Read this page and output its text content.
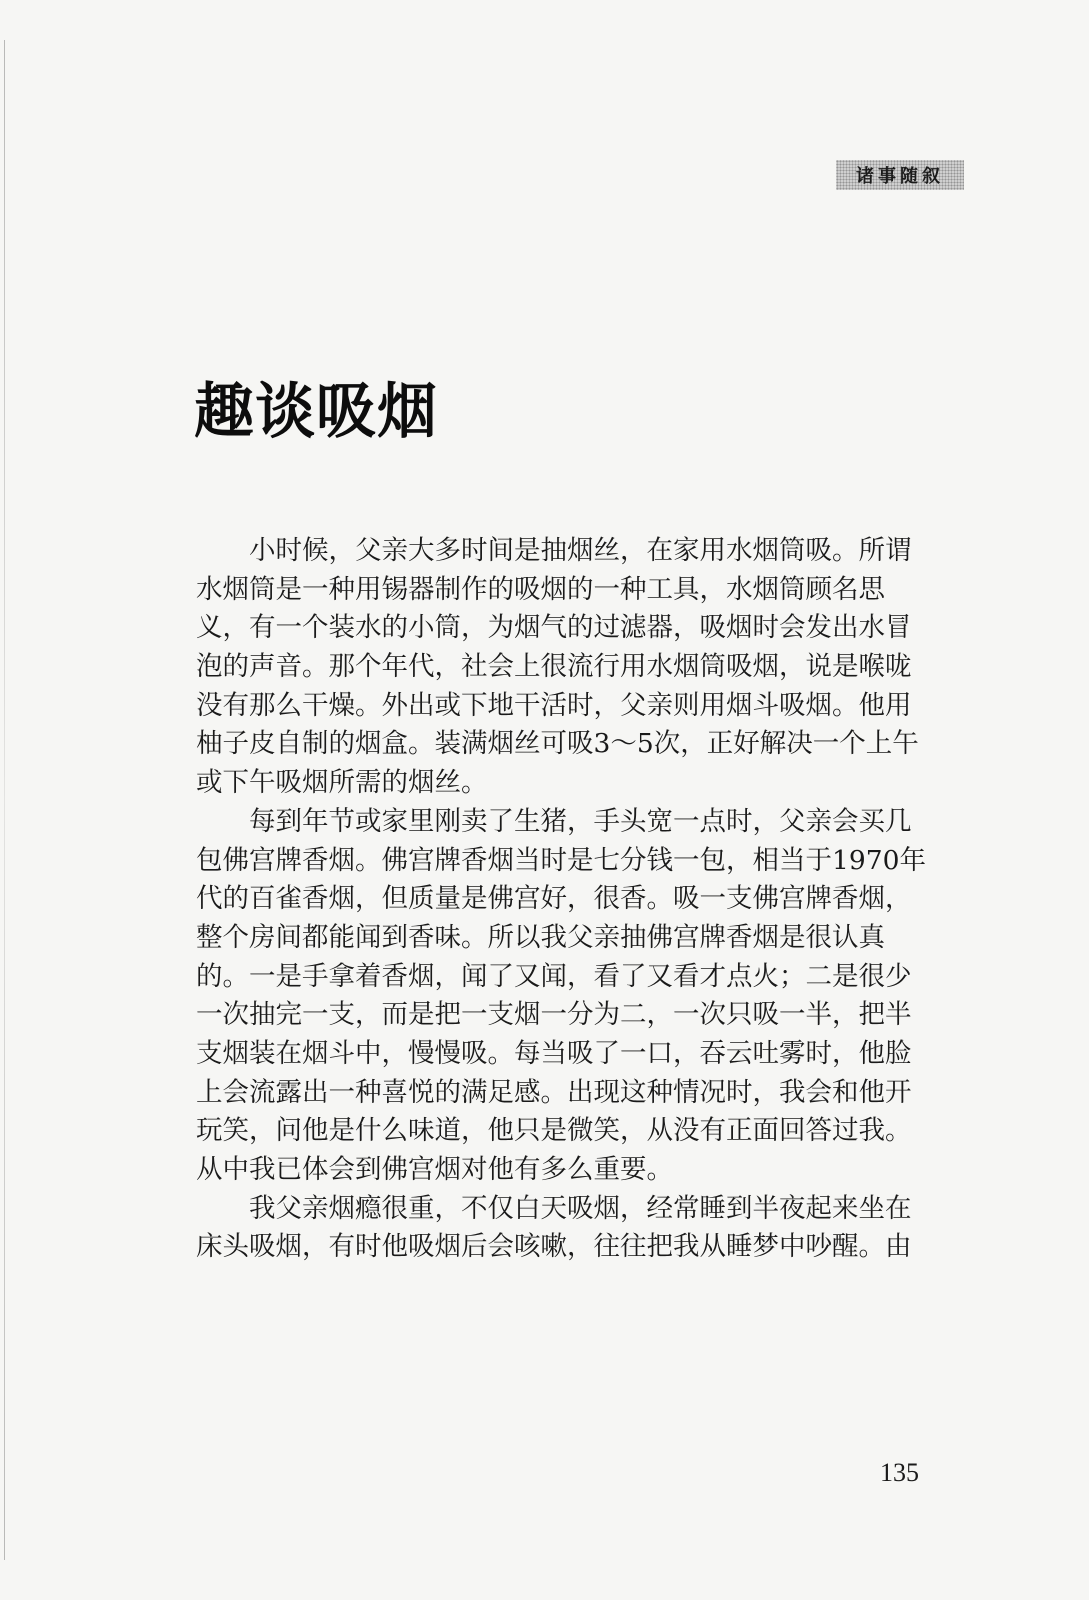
诸事随叙
趣谈吸烟

小时候，父亲大多时间是抽烟丝，在家用水烟筒吸。所谓
水烟筒是一种用锡器制作的吸烟的一种工具，水烟筒顾名思
义，有一个装水的小筒，为烟气的过滤器，吸烟时会发出水冒
泡的声音。那个年代，社会上很流行用水烟筒吸烟，说是喉咙
没有那么干燥。外出或下地干活时，父亲则用烟斗吸烟。他用
柚子皮自制的烟盒。装满烟丝可吸3～5次，正好解决一个上午
或下午吸烟所需的烟丝。

每到年节或家里刚卖了生猪，手头宽一点时，父亲会买几
包佛宫牌香烟。佛宫牌香烟当时是七分钱一包，相当于1970年
代的百雀香烟，但质量是佛宫好，很香。吸一支佛宫牌香烟，
整个房间都能闻到香味。所以我父亲抽佛宫牌香烟是很认真
的。一是手拿着香烟，闻了又闻，看了又看才点火；二是很少
一次抽完一支，而是把一支烟一分为二，一次只吸一半，把半
支烟装在烟斗中，慢慢吸。每当吸了一口，吞云吐雾时，他脸
上会流露出一种喜悦的满足感。出现这种情况时，我会和他开
玩笑，问他是什么味道，他只是微笑，从没有正面回答过我。
从中我已体会到佛宫烟对他有多么重要。

我父亲烟瘾很重，不仅白天吸烟，经常睡到半夜起来坐在
床头吸烟，有时他吸烟后会咳嗽，往往把我从睡梦中吵醒。由

135
